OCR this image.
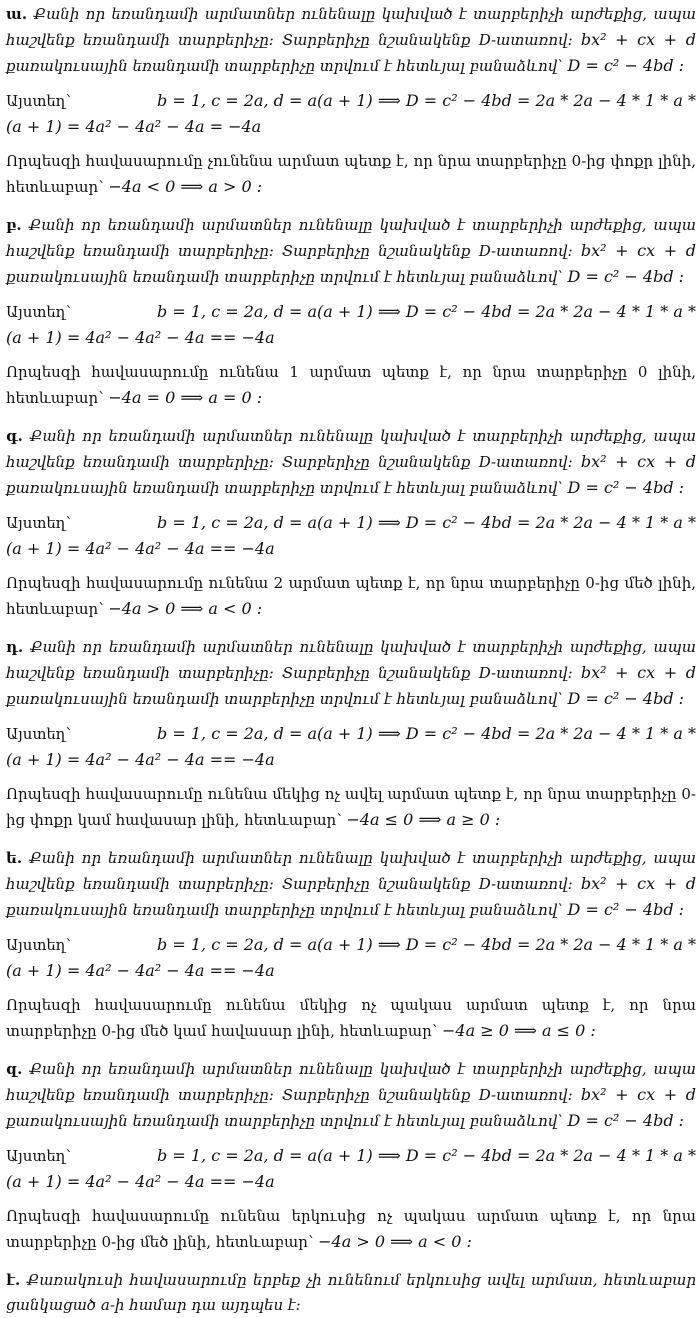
ա. Քանի որ եռանդամի արմատներ ունենալը կախված է տարբերիչի արժեքից, ապա հաշվենք եռանդամի տարբերիչը: Տարբերիչը նշանակենք D-ատառով: bx² + cx + d քառակուսային եռանդամի տարբերիչը տրվում է հետևյալ բանաձևով՝ D = c² − 4bd :

Այստեղ`	b = 1, c = 2a, d = a(a + 1) ⟹ D = c² − 4bd = 2a * 2a − 4 * 1 * a *
(a + 1) = 4a² − 4a² − 4a = −4a

Որպեսզի հավասարումը չունենա արմատ պետք է, որ նրա տարբերիչը 0-ից փոքր լինի, հետևաբար՝ −4a < 0 ⟹ a > 0 :

բ. Քանի որ եռանդամի արմատներ ունենալը կախված է տարբերիչի արժեքից, ապա հաշվենք եռանդամի տարբերիչը: Տարբերիչը նշանակենք D-ատառով: bx² + cx + d քառակուսային եռանդամի տարբերիչը տրվում է հետևյալ բանաձևով՝ D = c² − 4bd :

Այստեղ`	b = 1, c = 2a, d = a(a + 1) ⟹ D = c² − 4bd = 2a * 2a − 4 * 1 * a *
(a + 1) = 4a² − 4a² − 4a == −4a

Որպեսզի հավասարումը ունենա 1 արմատ պետք է, որ նրա տարբերիչը 0 լինի, հետևաբար՝ −4a = 0 ⟹ a = 0 :

գ. Քանի որ եռանդամի արմատներ ունենալը կախված է տարբերիչի արժեքից, ապա հաշվենք եռանդամի տարբերիչը: Տարբերիչը նշանակենք D-ատառով: bx² + cx + d քառակուսային եռանդամի տարբերիչը տրվում է հետևյալ բանաձևով՝ D = c² − 4bd :

Այստեղ`	b = 1, c = 2a, d = a(a + 1) ⟹ D = c² − 4bd = 2a * 2a − 4 * 1 * a *
(a + 1) = 4a² − 4a² − 4a == −4a

Որպեսզի հավասարումը ունենա 2 արմատ պետք է, որ նրա տարբերիչը 0-ից մեծ լինի, հետևաբար՝ −4a > 0 ⟹ a < 0 :

դ. Քանի որ եռանդամի արմատներ ունենալը կախված է տարբերիչի արժեքից, ապա հաշվենք եռանդամի տարբերիչը: Տարբերիչը նշանակենք D-ատառով: bx² + cx + d քառակուսային եռանդամի տարբերիչը տրվում է հետևյալ բանաձևով՝ D = c² − 4bd :

Այստեղ`	b = 1, c = 2a, d = a(a + 1) ⟹ D = c² − 4bd = 2a * 2a − 4 * 1 * a *
(a + 1) = 4a² − 4a² − 4a == −4a

Որպեսզի հավասարումը ունենա մեկից ոչ ավել արմատ պետք է, որ նրա տարբերիչը 0-ից փոքր կամ հավասար լինի, հետևաբար՝ −4a ≤ 0 ⟹ a ≥ 0 :

ե. Քանի որ եռանդամի արմատներ ունենալը կախված է տարբերիչի արժեքից, ապա հաշվենք եռանդամի տարբերիչը: Տարբերիչը նշանակենք D-ատառով: bx² + cx + d քառակուսային եռանդամի տարբերիչը տրվում է հետևյալ բանաձևով՝ D = c² − 4bd :

Այստեղ`	b = 1, c = 2a, d = a(a + 1) ⟹ D = c² − 4bd = 2a * 2a − 4 * 1 * a *
(a + 1) = 4a² − 4a² − 4a == −4a

Որպեսզի հավասարումը ունենա մեկից ոչ պակաս արմատ պետք է, որ նրա տարբերիչը 0-ից մեծ կամ հավասար լինի, հետևաբար՝ −4a ≥ 0 ⟹ a ≤ 0 :

զ. Քանի որ եռանդամի արմատներ ունենալը կախված է տարբերիչի արժեքից, ապա հաշվենք եռանդամի տարբերիչը: Տարբերիչը նշանակենք D-ատառով: bx² + cx + d քառակուսային եռանդամի տարբերիչը տրվում է հետևյալ բանաձևով՝ D = c² − 4bd :

Այստեղ`	b = 1, c = 2a, d = a(a + 1) ⟹ D = c² − 4bd = 2a * 2a − 4 * 1 * a *
(a + 1) = 4a² − 4a² − 4a == −4a

Որպեսզի հավասարումը ունենա երկուսից ոչ պակաս արմատ պետք է, որ նրա տարբերիչը 0-ից մեծ լինի, հետևաբար՝ −4a > 0 ⟹ a < 0 :

է. Քառակուսի հավասարումը երբեք չի ունենում երկուսից ավել արմատ, հետևաբար ցանկացած a-ի համար դա այդպես է:
